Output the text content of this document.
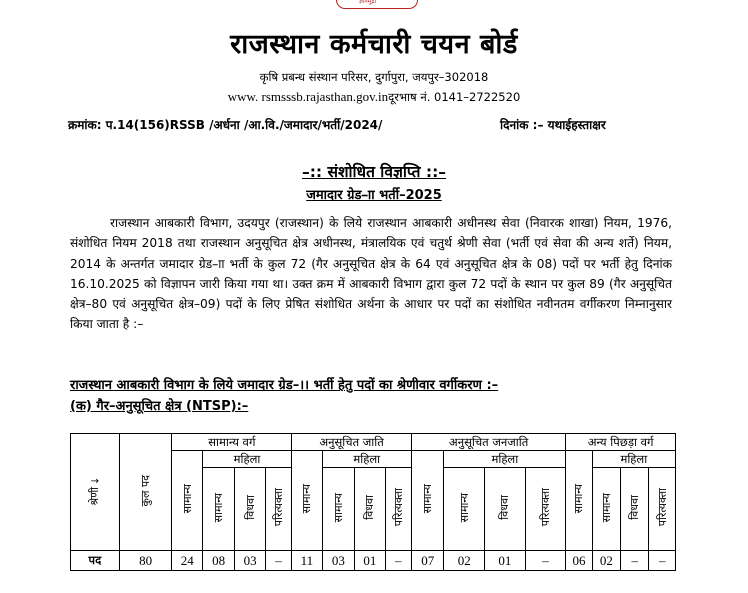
ज्ञानमुद्रा
राजस्थान कर्मचारी चयन बोर्ड
कृषि प्रबन्ध संस्थान परिसर, दुर्गापुरा, जयपुर–302018
www. rsmsssb.rajasthan.gov.inदूरभाष नं. 0141–2722520
क्रमांक: प.14(156)RSSB /अर्धना /आ.वि./जमादार/भर्ती/2024/	दिनांक :– यथाईहस्ताक्षर
–:: संशोधित विज्ञप्ति ::–
जमादार ग्रेड–ाा भर्ती–2025

राजस्थान आबकारी विभाग, उदयपुर (राजस्थान) के लिये राजस्थान आबकारी अधीनस्थ सेवा (निवारक शाखा) नियम, 1976, संशोधित नियम 2018 तथा राजस्थान अनुसूचित क्षेत्र अधीनस्थ, मंत्रालयिक एवं चतुर्थ श्रेणी सेवा (भर्ती एवं सेवा की अन्य शर्ते) नियम, 2014 के अन्तर्गत जमादार ग्रेड–ाा भर्ती के कुल 72 (गैर अनुसूचित क्षेत्र के 64 एवं अनुसूचित क्षेत्र के 08) पदों पर भर्ती हेतु दिनांक 16.10.2025 को विज्ञापन जारी किया गया था। उक्त क्रम में आबकारी विभाग द्वारा कुल 72 पदों के स्थान पर कुल 89 (गैर अनुसूचित क्षेत्र–80 एवं अनुसूचित क्षेत्र–09) पदों के लिए प्रेषित संशोधित अर्थना के आधार पर पदों का संशोधित नवीनतम वर्गीकरण निम्नानुसार किया जाता है :–

राजस्थान आबकारी विभाग के लिये जमादार ग्रेड–।। भर्ती हेतु पदों का श्रेणीवार वर्गीकरण :–
(क) गैर–अनुसूचित क्षेत्र (NTSP):–
→
श्रेणी	कुल पद	सामान्य वर्ग				अनुसूचित जाति				अनुसूचित जनजाति				अन्य पिछड़ा वर्ग			
		सामान्य	महिला			सामान्य	महिला			सामान्य	महिला			सामान्य	महिला		
			सामान्य	विधवा	परित्यक्ता		सामान्य	विधवा	परित्यक्ता		सामान्य	विधवा	परित्यक्ता		सामान्य	विधवा	परित्यक्ता
पद	80	24	08	03	–	11	03	01	–	07	02	01	–	06	02	–	–
